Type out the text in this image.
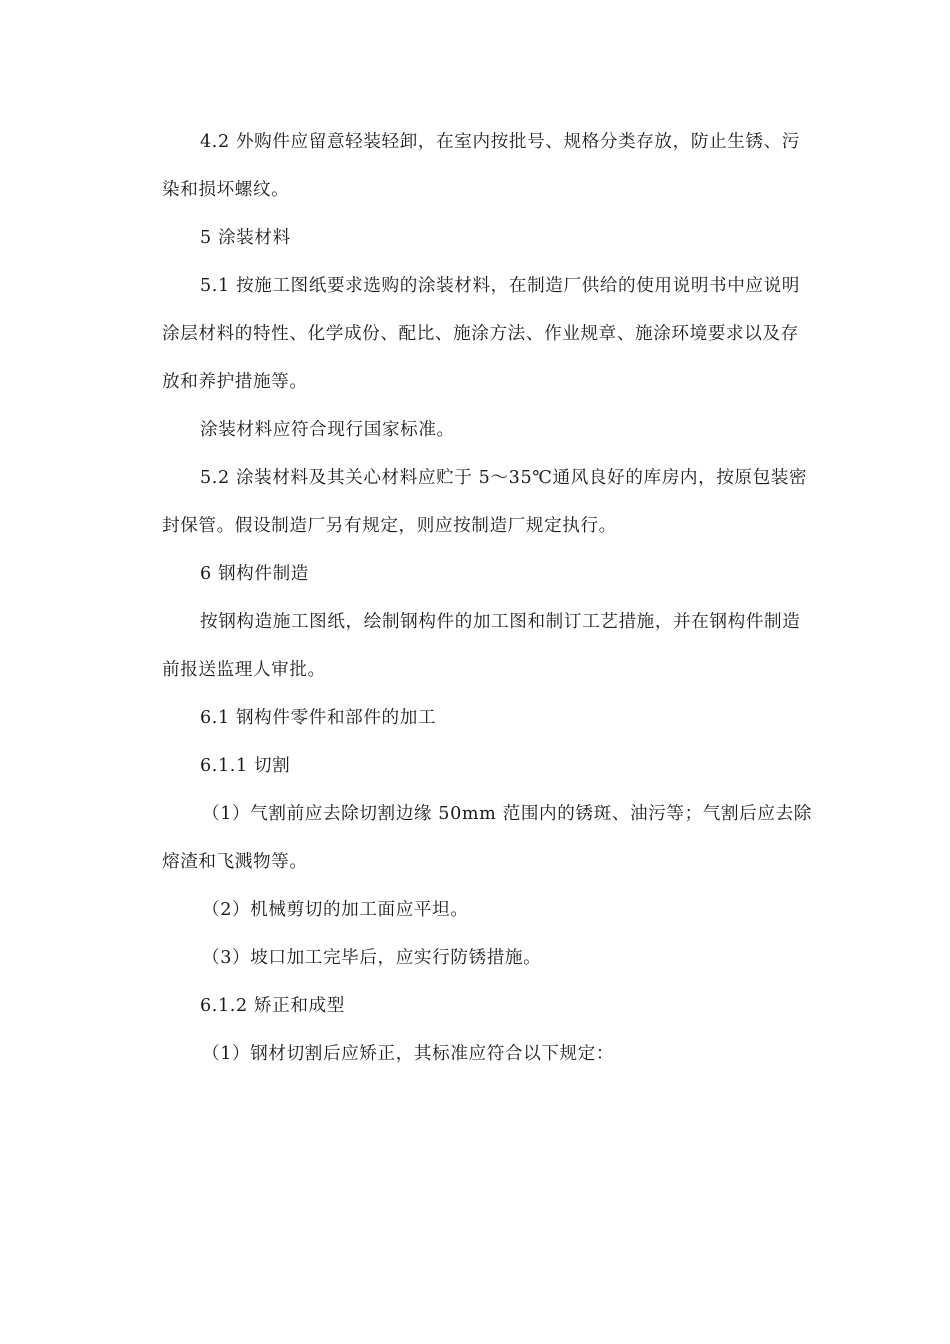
4.2 外购件应留意轻装轻卸，在室内按批号、规格分类存放，防止生锈、污染和损坏螺纹。

5 涂装材料

5.1 按施工图纸要求选购的涂装材料，在制造厂供给的使用说明书中应说明涂层材料的特性、化学成份、配比、施涂方法、作业规章、施涂环境要求以及存放和养护措施等。

涂装材料应符合现行国家标准。

5.2 涂装材料及其关心材料应贮于 5～35℃通风良好的库房内，按原包装密封保管。假设制造厂另有规定，则应按制造厂规定执行。

6 钢构件制造

按钢构造施工图纸，绘制钢构件的加工图和制订工艺措施，并在钢构件制造前报送监理人审批。

6.1 钢构件零件和部件的加工

6.1.1 切割

（1）气割前应去除切割边缘 50mm 范围内的锈斑、油污等；气割后应去除熔渣和飞溅物等。

（2）机械剪切的加工面应平坦。

（3）坡口加工完毕后，应实行防锈措施。

6.1.2 矫正和成型

（1）钢材切割后应矫正，其标准应符合以下规定：
